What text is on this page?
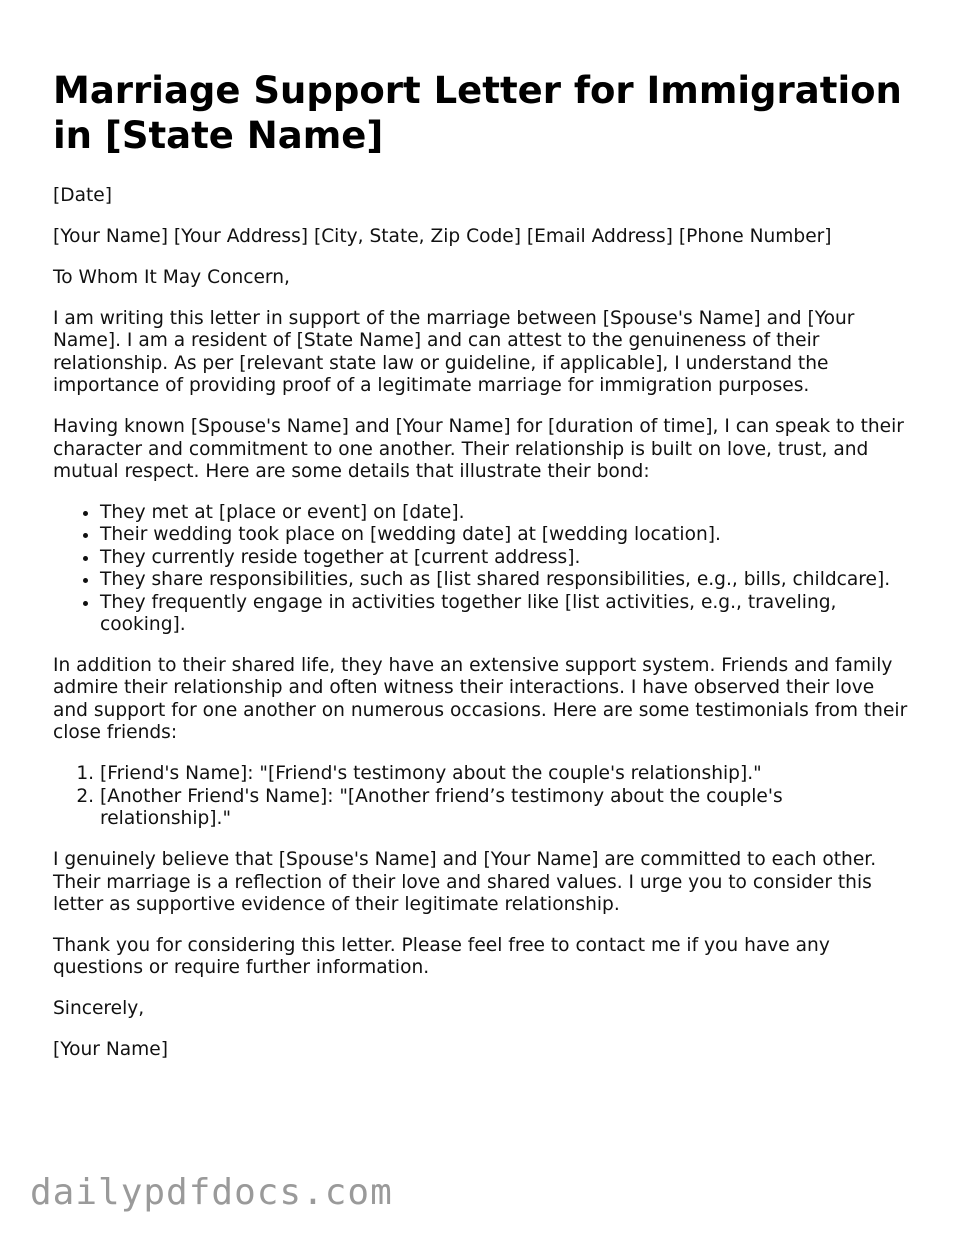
Marriage Support Letter for Immigration in [State Name]

[Date]

[Your Name] [Your Address] [City, State, Zip Code] [Email Address] [Phone Number]

To Whom It May Concern,

I am writing this letter in support of the marriage between [Spouse's Name] and [Your Name]. I am a resident of [State Name] and can attest to the genuineness of their relationship. As per [relevant state law or guideline, if applicable], I understand the importance of providing proof of a legitimate marriage for immigration purposes.

Having known [Spouse's Name] and [Your Name] for [duration of time], I can speak to their character and commitment to one another. Their relationship is built on love, trust, and mutual respect. Here are some details that illustrate their bond:

• They met at [place or event] on [date].
• Their wedding took place on [wedding date] at [wedding location].
• They currently reside together at [current address].
• They share responsibilities, such as [list shared responsibilities, e.g., bills, childcare].
• They frequently engage in activities together like [list activities, e.g., traveling, cooking].

In addition to their shared life, they have an extensive support system. Friends and family admire their relationship and often witness their interactions. I have observed their love and support for one another on numerous occasions. Here are some testimonials from their close friends:

1. [Friend's Name]: "[Friend's testimony about the couple's relationship]."
2. [Another Friend's Name]: "[Another friend’s testimony about the couple's relationship]."

I genuinely believe that [Spouse's Name] and [Your Name] are committed to each other. Their marriage is a reflection of their love and shared values. I urge you to consider this letter as supportive evidence of their legitimate relationship.

Thank you for considering this letter. Please feel free to contact me if you have any questions or require further information.

Sincerely,

[Your Name]

dailypdfdocs.com
